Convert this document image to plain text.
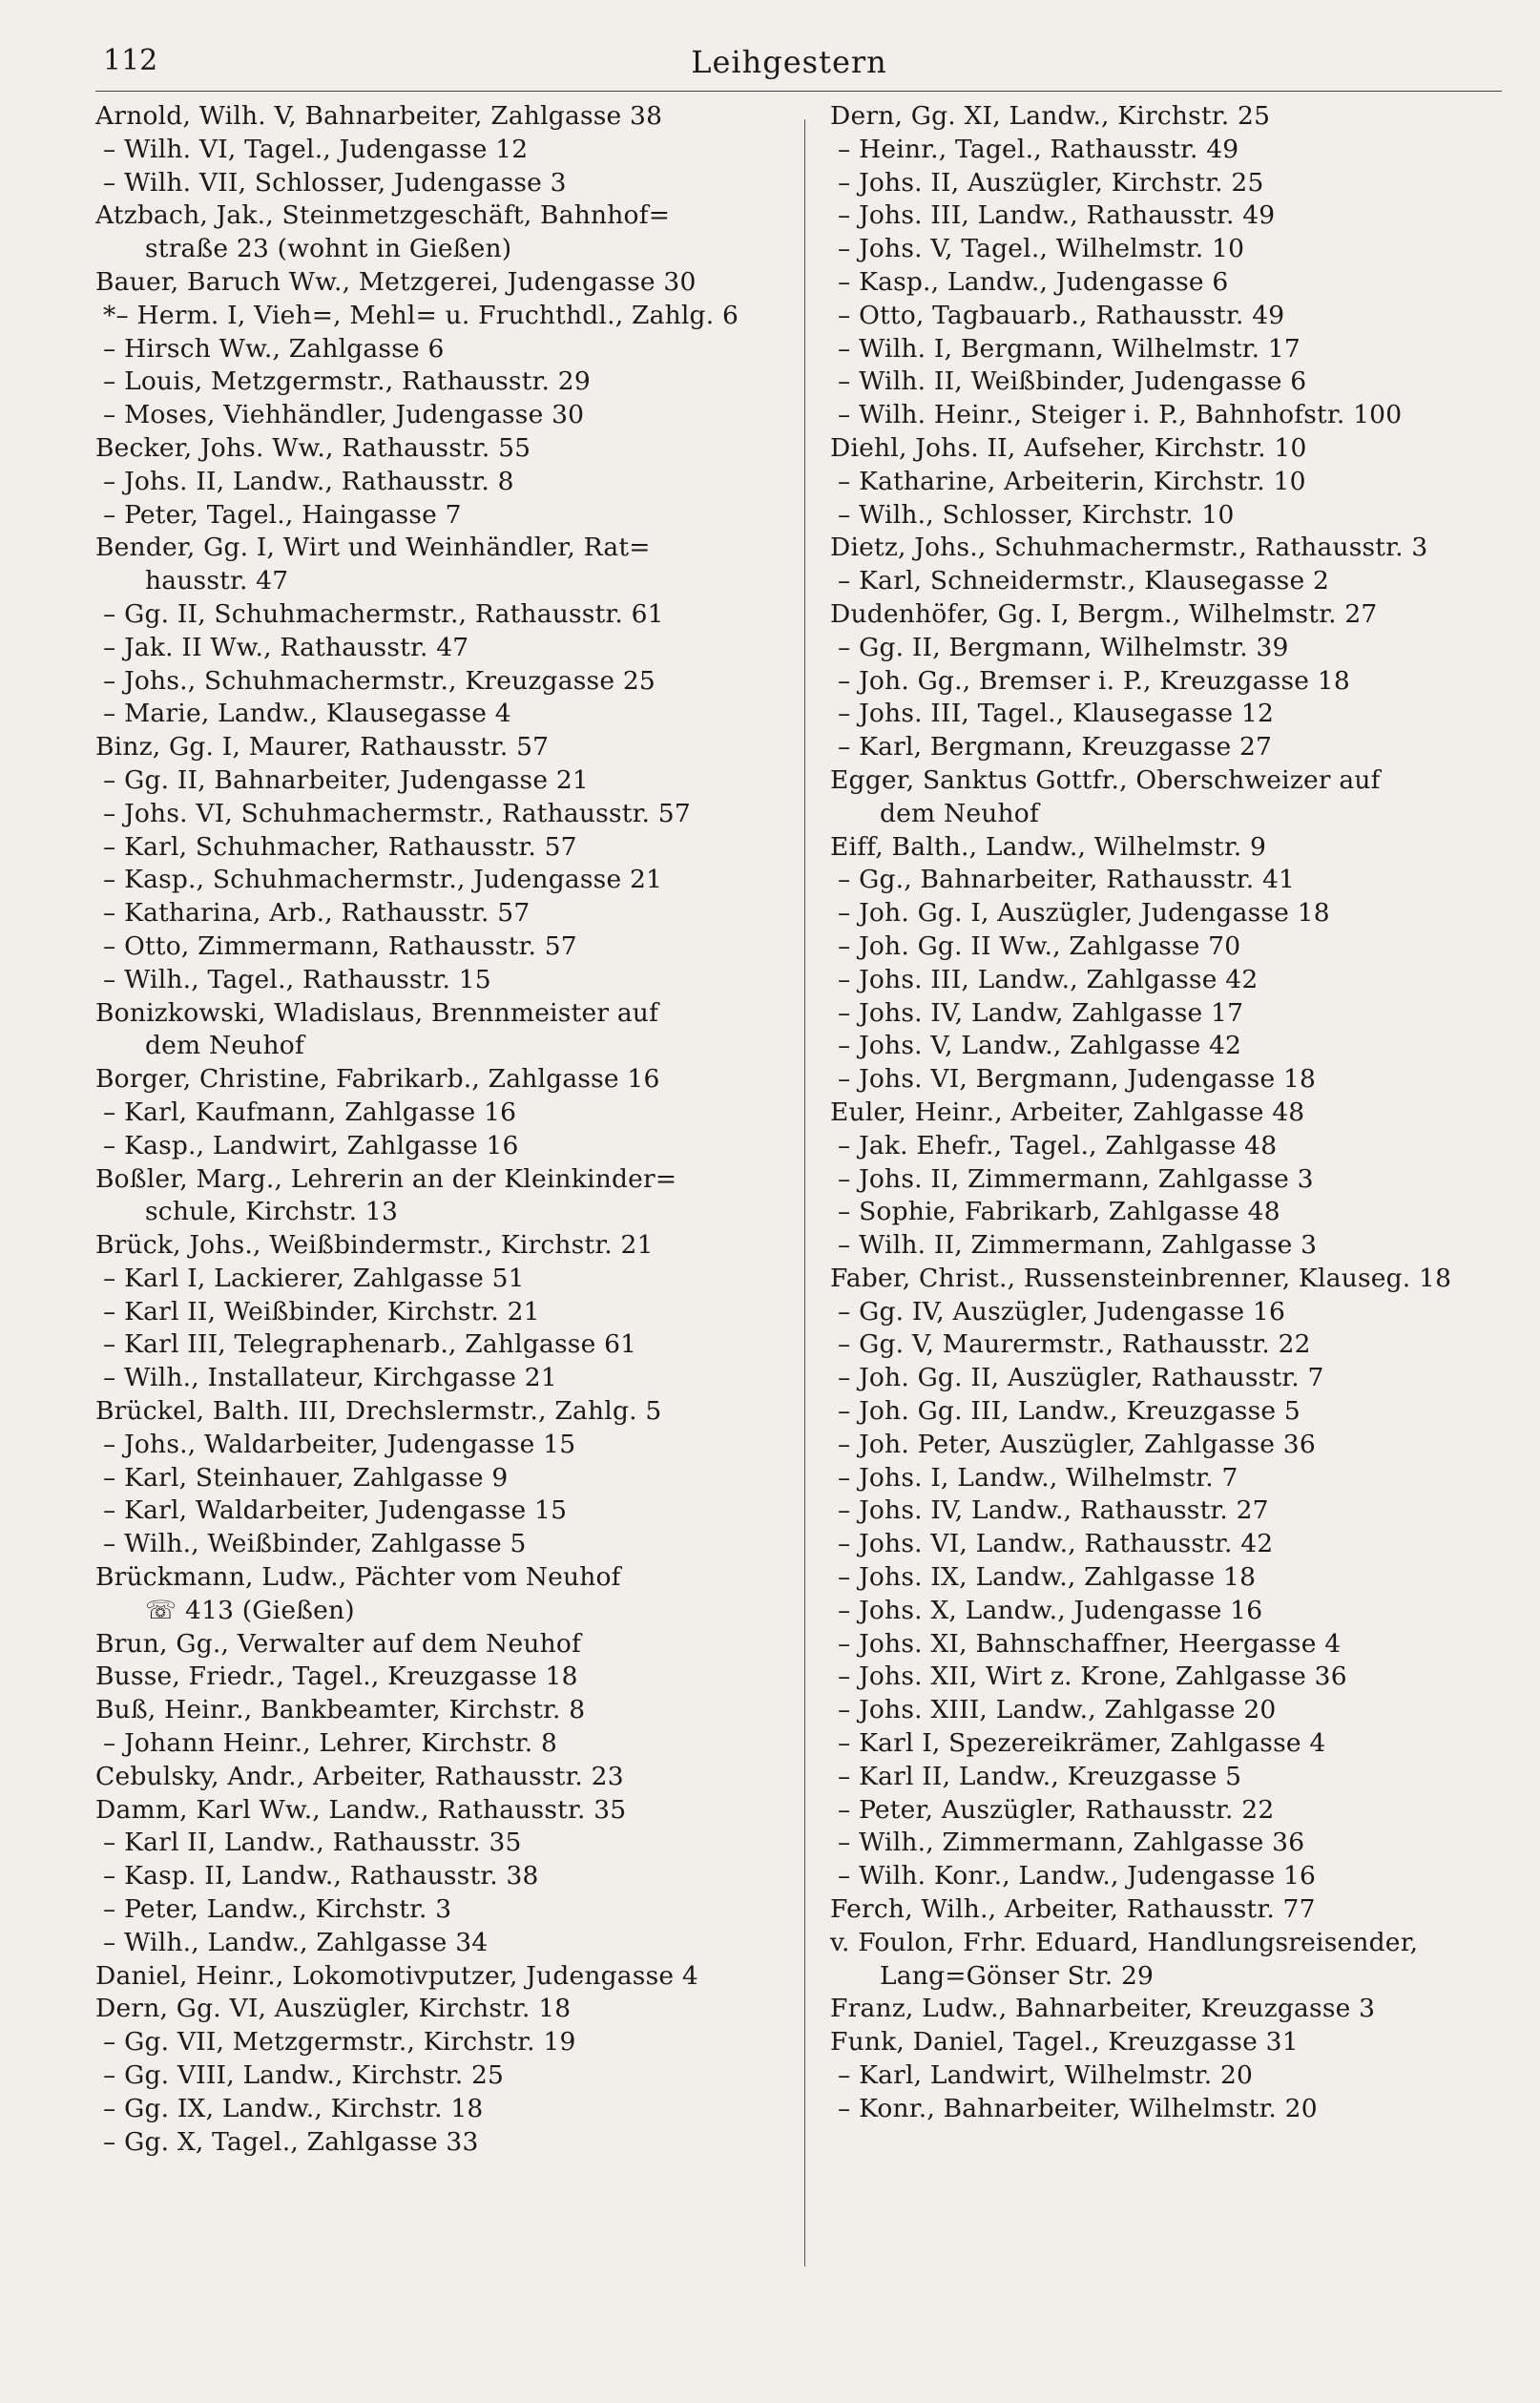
112	Leihgestern
Arnold, Wilh. V, Bahnarbeiter, Zahlgasse 38
– Wilh. VI, Tagel., Judengasse 12
– Wilh. VII, Schlosser, Judengasse 3
Atzbach, Jak., Steinmetzgeschäft, Bahnhof=
straße 23 (wohnt in Gießen)
Bauer, Baruch Ww., Metzgerei, Judengasse 30
*– Herm. I, Vieh=, Mehl= u. Fruchthdl., Zahlg. 6
– Hirsch Ww., Zahlgasse 6
– Louis, Metzgermstr., Rathausstr. 29
– Moses, Viehhändler, Judengasse 30
Becker, Johs. Ww., Rathausstr. 55
– Johs. II, Landw., Rathausstr. 8
– Peter, Tagel., Haingasse 7
Bender, Gg. I, Wirt und Weinhändler, Rat=
hausstr. 47
– Gg. II, Schuhmachermstr., Rathausstr. 61
– Jak. II Ww., Rathausstr. 47
– Johs., Schuhmachermstr., Kreuzgasse 25
– Marie, Landw., Klausegasse 4
Binz, Gg. I, Maurer, Rathausstr. 57
– Gg. II, Bahnarbeiter, Judengasse 21
– Johs. VI, Schuhmachermstr., Rathausstr. 57
– Karl, Schuhmacher, Rathausstr. 57
– Kasp., Schuhmachermstr., Judengasse 21
– Katharina, Arb., Rathausstr. 57
– Otto, Zimmermann, Rathausstr. 57
– Wilh., Tagel., Rathausstr. 15
Bonizkowski, Wladislaus, Brennmeister auf
dem Neuhof
Borger, Christine, Fabrikarb., Zahlgasse 16
– Karl, Kaufmann, Zahlgasse 16
– Kasp., Landwirt, Zahlgasse 16
Boßler, Marg., Lehrerin an der Kleinkinder=
schule, Kirchstr. 13
Brück, Johs., Weißbindermstr., Kirchstr. 21
– Karl I, Lackierer, Zahlgasse 51
– Karl II, Weißbinder, Kirchstr. 21
– Karl III, Telegraphenarb., Zahlgasse 61
– Wilh., Installateur, Kirchgasse 21
Brückel, Balth. III, Drechslermstr., Zahlg. 5
– Johs., Waldarbeiter, Judengasse 15
– Karl, Steinhauer, Zahlgasse 9
– Karl, Waldarbeiter, Judengasse 15
– Wilh., Weißbinder, Zahlgasse 5
Brückmann, Ludw., Pächter vom Neuhof
☏ 413 (Gießen)
Brun, Gg., Verwalter auf dem Neuhof
Busse, Friedr., Tagel., Kreuzgasse 18
Buß, Heinr., Bankbeamter, Kirchstr. 8
– Johann Heinr., Lehrer, Kirchstr. 8
Cebulsky, Andr., Arbeiter, Rathausstr. 23
Damm, Karl Ww., Landw., Rathausstr. 35
– Karl II, Landw., Rathausstr. 35
– Kasp. II, Landw., Rathausstr. 38
– Peter, Landw., Kirchstr. 3
– Wilh., Landw., Zahlgasse 34
Daniel, Heinr., Lokomotivputzer, Judengasse 4
Dern, Gg. VI, Auszügler, Kirchstr. 18
– Gg. VII, Metzgermstr., Kirchstr. 19
– Gg. VIII, Landw., Kirchstr. 25
– Gg. IX, Landw., Kirchstr. 18
– Gg. X, Tagel., Zahlgasse 33
Dern, Gg. XI, Landw., Kirchstr. 25
– Heinr., Tagel., Rathausstr. 49
– Johs. II, Auszügler, Kirchstr. 25
– Johs. III, Landw., Rathausstr. 49
– Johs. V, Tagel., Wilhelmstr. 10
– Kasp., Landw., Judengasse 6
– Otto, Tagbauarb., Rathausstr. 49
– Wilh. I, Bergmann, Wilhelmstr. 17
– Wilh. II, Weißbinder, Judengasse 6
– Wilh. Heinr., Steiger i. P., Bahnhofstr. 100
Diehl, Johs. II, Aufseher, Kirchstr. 10
– Katharine, Arbeiterin, Kirchstr. 10
– Wilh., Schlosser, Kirchstr. 10
Dietz, Johs., Schuhmachermstr., Rathausstr. 3
– Karl, Schneidermstr., Klausegasse 2
Dudenhöfer, Gg. I, Bergm., Wilhelmstr. 27
– Gg. II, Bergmann, Wilhelmstr. 39
– Joh. Gg., Bremser i. P., Kreuzgasse 18
– Johs. III, Tagel., Klausegasse 12
– Karl, Bergmann, Kreuzgasse 27
Egger, Sanktus Gottfr., Oberschweizer auf
dem Neuhof
Eiff, Balth., Landw., Wilhelmstr. 9
– Gg., Bahnarbeiter, Rathausstr. 41
– Joh. Gg. I, Auszügler, Judengasse 18
– Joh. Gg. II Ww., Zahlgasse 70
– Johs. III, Landw., Zahlgasse 42
– Johs. IV, Landw, Zahlgasse 17
– Johs. V, Landw., Zahlgasse 42
– Johs. VI, Bergmann, Judengasse 18
Euler, Heinr., Arbeiter, Zahlgasse 48
– Jak. Ehefr., Tagel., Zahlgasse 48
– Johs. II, Zimmermann, Zahlgasse 3
– Sophie, Fabrikarb, Zahlgasse 48
– Wilh. II, Zimmermann, Zahlgasse 3
Faber, Christ., Russensteinbrenner, Klauseg. 18
– Gg. IV, Auszügler, Judengasse 16
– Gg. V, Maurermstr., Rathausstr. 22
– Joh. Gg. II, Auszügler, Rathausstr. 7
– Joh. Gg. III, Landw., Kreuzgasse 5
– Joh. Peter, Auszügler, Zahlgasse 36
– Johs. I, Landw., Wilhelmstr. 7
– Johs. IV, Landw., Rathausstr. 27
– Johs. VI, Landw., Rathausstr. 42
– Johs. IX, Landw., Zahlgasse 18
– Johs. X, Landw., Judengasse 16
– Johs. XI, Bahnschaffner, Heergasse 4
– Johs. XII, Wirt z. Krone, Zahlgasse 36
– Johs. XIII, Landw., Zahlgasse 20
– Karl I, Spezereikrämer, Zahlgasse 4
– Karl II, Landw., Kreuzgasse 5
– Peter, Auszügler, Rathausstr. 22
– Wilh., Zimmermann, Zahlgasse 36
– Wilh. Konr., Landw., Judengasse 16
Ferch, Wilh., Arbeiter, Rathausstr. 77
v. Foulon, Frhr. Eduard, Handlungsreisender,
Lang=Gönser Str. 29
Franz, Ludw., Bahnarbeiter, Kreuzgasse 3
Funk, Daniel, Tagel., Kreuzgasse 31
– Karl, Landwirt, Wilhelmstr. 20
– Konr., Bahnarbeiter, Wilhelmstr. 20
